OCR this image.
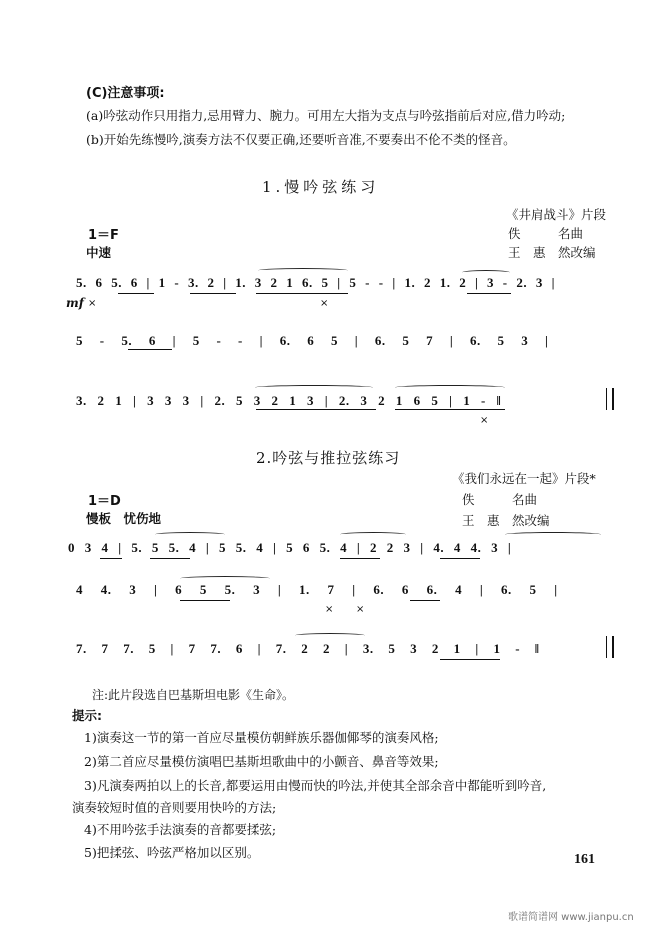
(C)注意事项:
(a)吟弦动作只用指力,忌用臂力、腕力。可用左大指为支点与吟弦指前后对应,借力吟动;
(b)开始先练慢吟,演奏方法不仅要正确,还要听音准,不要奏出不伦不类的怪音。
1.慢吟弦练习
《井肩战斗》片段
1＝F	佚　　　名曲
中速	王　惠　然改编
mf
5. 6 5. 6 | 1 - 3. 2 | 1. 3 2 1 6. 5 | 5 - - | 1. 2 1. 2 | 3 - 2. 3 |
5 - 5. 6 | 5 - - | 6. 6 5 | 6. 5 7 | 6. 5 3 |
3. 2 1 | 3 3 3 | 2. 5 3 2 1 3 | 2. 3 2 1 6 5 | 1 - ‖
×	×
×
2.吟弦与推拉弦练习
《我们永远在一起》片段*
1＝D	佚　　　名曲
慢板　忧伤地	王　惠　然改编
0 3 4 | 5. 5 5. 4 | 5 5. 4 | 5 6 5. 4 | 2 2 3 | 4. 4 4. 3 |
4 4. 3 | 6 5 5. 3 | 1. 7 | 6. 6 6. 4 | 6. 5 |
7. 7 7. 5 | 7 7. 6 | 7. 2 2 | 3. 5 3 2 1 | 1 - ‖
× ×
注:此片段选自巴基斯坦电影《生命》。
提示:
1)演奏这一节的第一首应尽量模仿朝鲜族乐器伽倻琴的演奏风格;
2)第二首应尽量模仿演唱巴基斯坦歌曲中的小颤音、鼻音等效果;
3)凡演奏两拍以上的长音,都要运用由慢而快的吟法,并使其全部余音中都能听到吟音,
演奏较短时值的音则要用快吟的方法;
4)不用吟弦手法演奏的音都要揉弦;
5)把揉弦、吟弦严格加以区别。	161
歌谱简谱网 www.jianpu.cn
